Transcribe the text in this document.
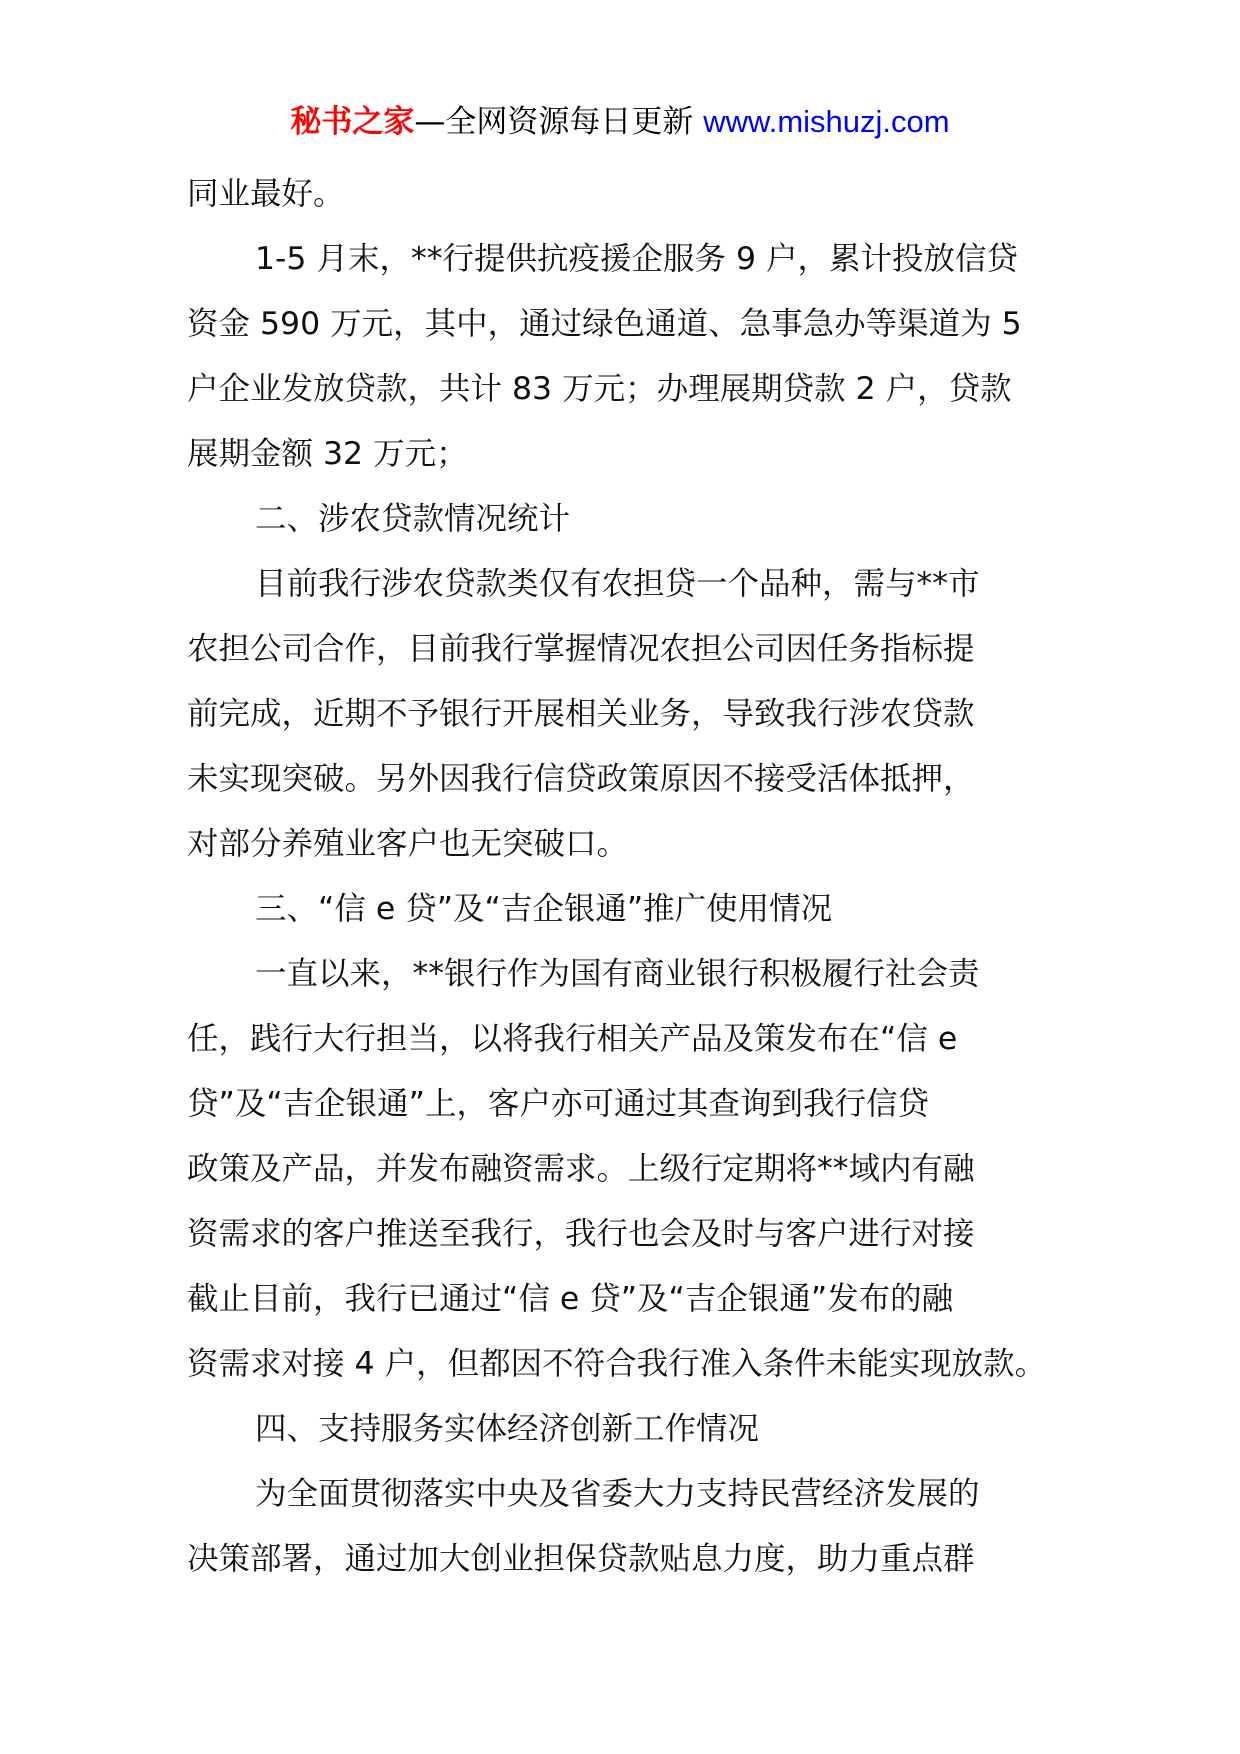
秘书之家—全网资源每日更新 www.mishuzj.com
同业最好。
1-5 月末，**行提供抗疫援企服务 9 户，累计投放信贷
资金 590 万元，其中，通过绿色通道、急事急办等渠道为 5
户企业发放贷款，共计 83 万元；办理展期贷款 2 户，贷款
展期金额 32 万元；
二、涉农贷款情况统计
目前我行涉农贷款类仅有农担贷一个品种，需与**市
农担公司合作，目前我行掌握情况农担公司因任务指标提
前完成，近期不予银行开展相关业务，导致我行涉农贷款
未实现突破。另外因我行信贷政策原因不接受活体抵押，
对部分养殖业客户也无突破口。
三、“信 e 贷”及“吉企银通”推广使用情况
一直以来，**银行作为国有商业银行积极履行社会责
任，践行大行担当，以将我行相关产品及策发布在“信 e
贷”及“吉企银通”上，客户亦可通过其查询到我行信贷
政策及产品，并发布融资需求。上级行定期将**域内有融
资需求的客户推送至我行，我行也会及时与客户进行对接
截止目前，我行已通过“信 e 贷”及“吉企银通”发布的融
资需求对接 4 户，但都因不符合我行准入条件未能实现放款。
四、支持服务实体经济创新工作情况
为全面贯彻落实中央及省委大力支持民营经济发展的
决策部署，通过加大创业担保贷款贴息力度，助力重点群
